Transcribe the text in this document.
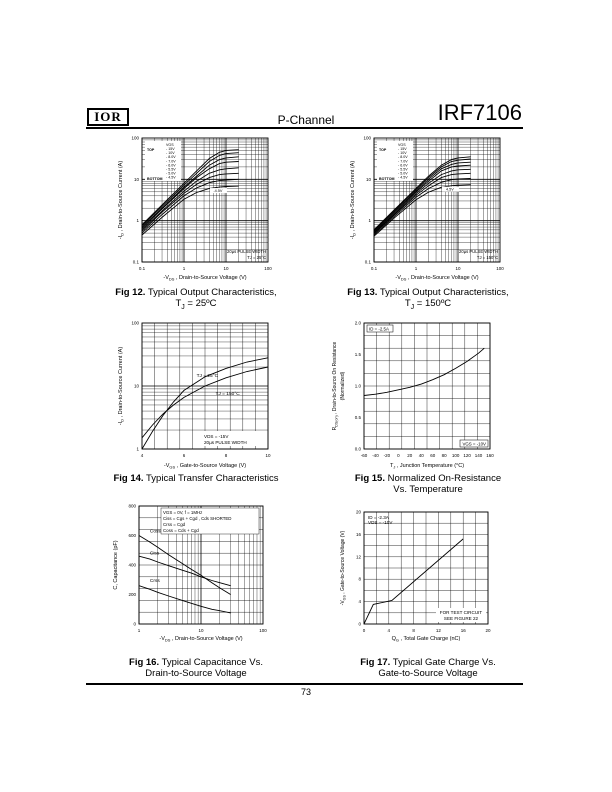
IOR	P-Channel	IRF7106
0.1	1	10	100
0.1
1
10
100
$-V_{DS}$ , Drain-to-Source Voltage (V)
$-I_D$ , Drain-to-Source Current (A)
VGS
TOP
BOTTOM
- 15V
- 10V
- 8.0V
- 7.0V
- 6.0V
- 5.5V
- 5.0V
- 4.5V
-4.5V
20µs PULSE WIDTH
TJ = 25°C
0.1	1	10	100
0.1
1
10
100
$-V_{DS}$ , Drain-to-Source Voltage (V)
$-I_D$ , Drain-to-Source Current (A)
VGS
TOP
BOTTOM
- 15V
- 10V
- 8.0V
- 7.0V
- 6.0V
- 5.5V
- 5.0V
- 4.5V
4.5V
20µs PULSE WIDTH
TJ = 150°C
4	6	8	10
1
10
100
$-V_{GS}$ , Gate-to-Source Voltage (V)
$-I_D$ , Drain-to-Source Current (A)	TJ = 25°C
TJ = 150°C
VDS = -15V
20µs PULSE WIDTH
-60 -40 -20 0 20 40 60 80 100 120 140 160
0.0
0.5
1.0
1.5
2.0
$T_J$ , Junction Temperature (°C)
$R_{DS(on)}$ , Drain-to-Source On Resistance (Normalized)
ID = -2.5A
VGS = -10V
1	10	100
0
200
400
600
800
$-V_{DS}$ , Drain-to-Source Voltage (V)
C, Capacitance (pF)
VGS = 0V, f = 1MHz
Ciss = Cgs + Cgd , Cds SHORTED
Crss = Cgd
Coss = Cds + Cgd
Coss
Ciss
Crss
0	4	8	12	16	20
0
4
8
12
16
20
$Q_G$ , Total Gate Charge (nC)
$-V_{GS}$ , Gate-to-Source Voltage (V)
ID = -2.3A
VDS = -10V
FOR TEST CIRCUIT
SEE FIGURE 22
Fig 12. Typical Output Characteristics,
$T_J$ = 25ºC
Fig 13. Typical Output Characteristics,
$T_J$ = 150ºC
Fig 14. Typical Transfer Characteristics	Fig 15. Normalized On-Resistance
Vs. Temperature
Fig 16. Typical Capacitance Vs.
Drain-to-Source Voltage
Fig 17. Typical Gate Charge Vs.
Gate-to-Source Voltage
73
